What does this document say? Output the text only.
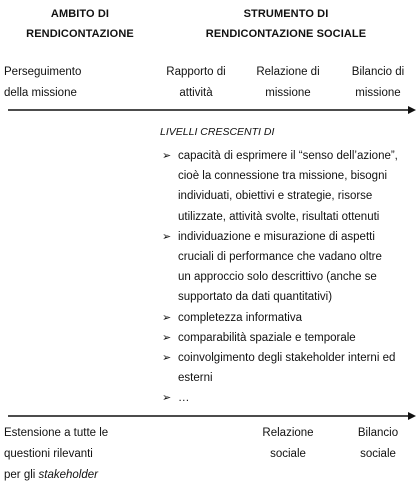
AMBITO DI
RENDICONTAZIONE
STRUMENTO DI
RENDICONTAZIONE SOCIALE
Perseguimento
della missione
Rapporto di
attività
Relazione di
missione
Bilancio di
missione
LIVELLI CRESCENTI DI
➢ capacità di esprimere il “senso dell’azione”,
cioè la connessione tra missione, bisogni
individuati, obiettivi e strategie, risorse
utilizzate, attività svolte, risultati ottenuti
➢ individuazione e misurazione di aspetti
cruciali di performance che vadano oltre
un approccio solo descrittivo (anche se
supportato da dati quantitativi)
➢ completezza informativa
➢ comparabilità spaziale e temporale
➢ coinvolgimento degli stakeholder interni ed
esterni
➢ …
Estensione a tutte le
questioni rilevanti
per gli stakeholder
Relazione
sociale
Bilancio
sociale
